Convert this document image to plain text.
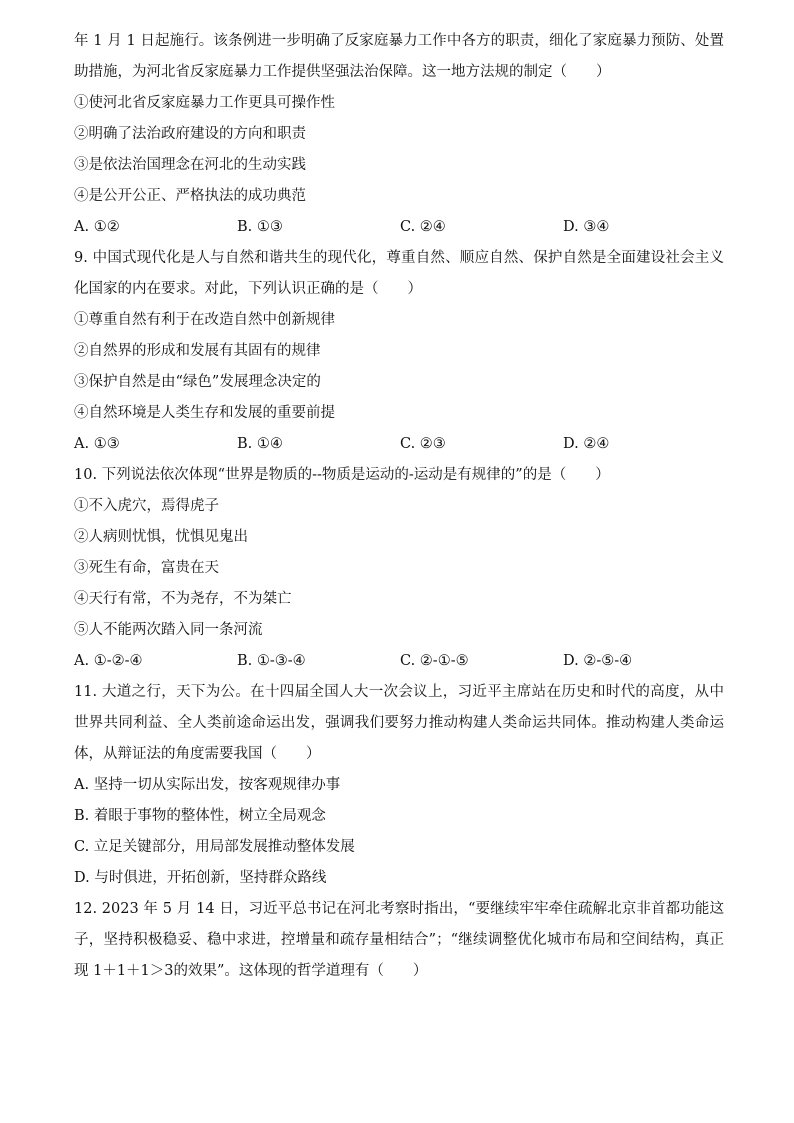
年 1 月 1 日起施行。该条例进一步明确了反家庭暴力工作中各方的职责，细化了家庭暴力预防、处置
助措施，为河北省反家庭暴力工作提供坚强法治保障。这一地方法规的制定（　　）
①使河北省反家庭暴力工作更具可操作性
②明确了法治政府建设的方向和职责
③是依法治国理念在河北的生动实践
④是公开公正、严格执法的成功典范
A. ①②	B. ①③	C. ②④	D. ③④
9. 中国式现代化是人与自然和谐共生的现代化，尊重自然、顺应自然、保护自然是全面建设社会主义
化国家的内在要求。对此，下列认识正确的是（　　）
①尊重自然有利于在改造自然中创新规律
②自然界的形成和发展有其固有的规律
③保护自然是由“绿色”发展理念决定的
④自然环境是人类生存和发展的重要前提
A. ①③	B. ①④	C. ②③	D. ②④
10. 下列说法依次体现“世界是物质的--物质是运动的-运动是有规律的”的是（　　）
①不入虎穴，焉得虎子
②人病则忧惧，忧惧见鬼出
③死生有命，富贵在天
④天行有常，不为尧存，不为桀亡
⑤人不能两次踏入同一条河流
A. ①-②-④	B. ①-③-④	C. ②-①-⑤	D. ②-⑤-④
11. 大道之行，天下为公。在十四届全国人大一次会议上，习近平主席站在历史和时代的高度，从中
世界共同利益、全人类前途命运出发，强调我们要努力推动构建人类命运共同体。推动构建人类命运
体，从辩证法的角度需要我国（　　）
A. 坚持一切从实际出发，按客观规律办事
B. 着眼于事物的整体性，树立全局观念
C. 立足关键部分，用局部发展推动整体发展
D. 与时俱进，开拓创新，坚持群众路线
12. 2023 年 5 月 14 日，习近平总书记在河北考察时指出，“要继续牢牢牵住疏解北京非首都功能这
子，坚持积极稳妥、稳中求进，控增量和疏存量相结合”；“继续调整优化城市布局和空间结构，真正
现 1＋1＋1＞3的效果”。这体现的哲学道理有（　　）
